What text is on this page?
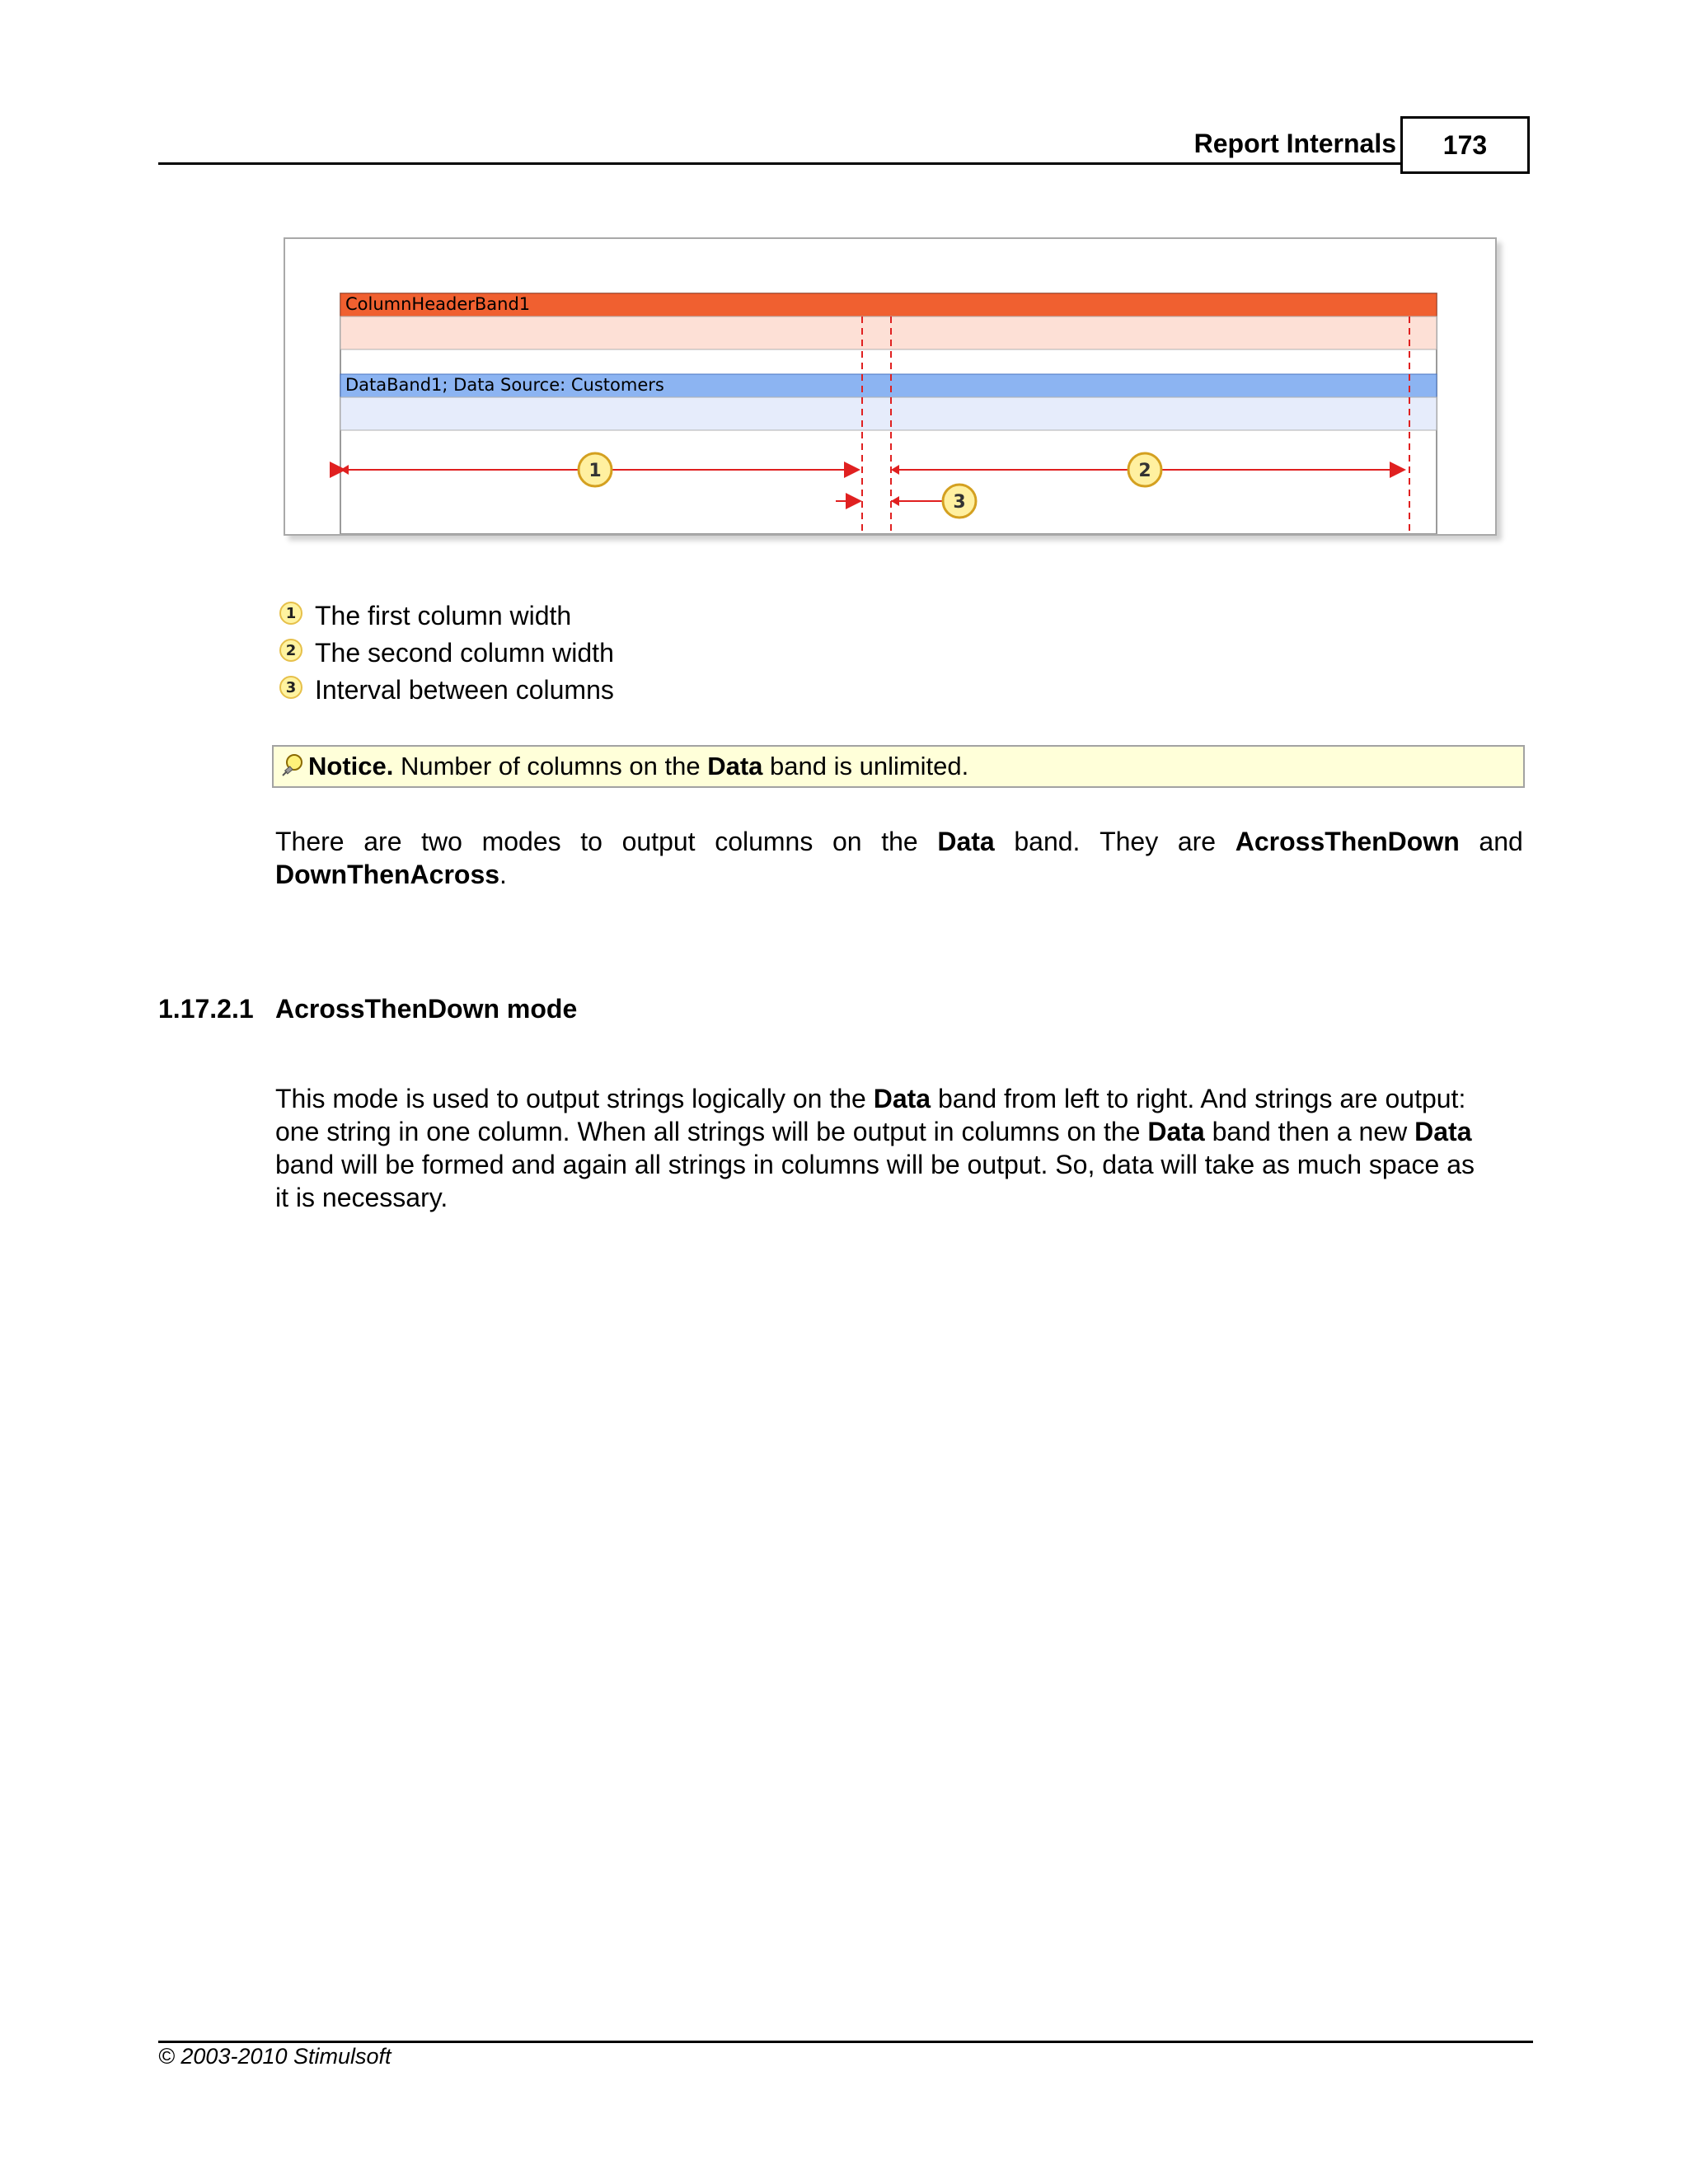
Report Internals 173
1	2
3
ColumnHeaderBand1
DataBand1; Data Source: Customers
1 The first column width
2 The second column width
3 Interval between columns
Notice. Number of columns on the Data band is unlimited.
There are two modes to output columns on the Data band. They are AcrossThenDown and
DownThenAcross.
1.17.2.1 AcrossThenDown mode
This mode is used to output strings logically on the Data band from left to right. And strings are output:
one string in one column. When all strings will be output in columns on the Data band then a new Data
band will be formed and again all strings in columns will be output. So, data will take as much space as
it is necessary.
© 2003-2010 Stimulsoft
